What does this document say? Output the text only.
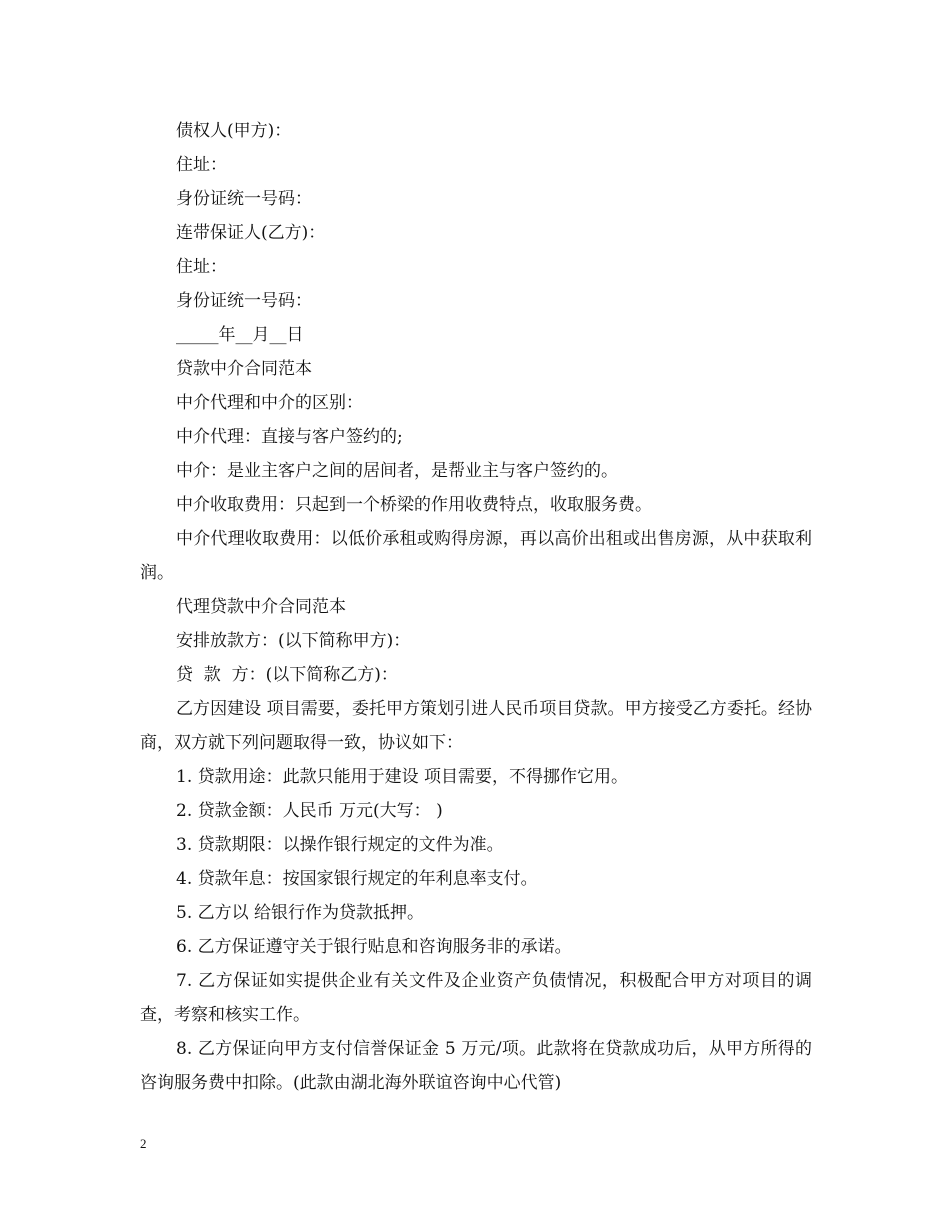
债权人(甲方)：

住址：

身份证统一号码：

连带保证人(乙方)：

住址：

身份证统一号码：

_____年__月__日

贷款中介合同范本

中介代理和中介的区别：

中介代理：直接与客户签约的;

中介：是业主客户之间的居间者，是帮业主与客户签约的。

中介收取费用：只起到一个桥梁的作用收费特点，收取服务费。

中介代理收取费用：以低价承租或购得房源，再以高价出租或出售房源，从中获取利润。

代理贷款中介合同范本

安排放款方：(以下简称甲方)：

贷  款  方：(以下简称乙方)：

乙方因建设 项目需要，委托甲方策划引进人民币项目贷款。甲方接受乙方委托。经协商，双方就下列问题取得一致，协议如下：

1. 贷款用途：此款只能用于建设 项目需要，不得挪作它用。

2. 贷款金额：人民币 万元(大写： )

3. 贷款期限：以操作银行规定的文件为准。

4. 贷款年息：按国家银行规定的年利息率支付。

5. 乙方以 给银行作为贷款抵押。

6. 乙方保证遵守关于银行贴息和咨询服务非的承诺。

7. 乙方保证如实提供企业有关文件及企业资产负债情况，积极配合甲方对项目的调查，考察和核实工作。

8. 乙方保证向甲方支付信誉保证金 5 万元/项。此款将在贷款成功后，从甲方所得的咨询服务费中扣除。(此款由湖北海外联谊咨询中心代管)

2
